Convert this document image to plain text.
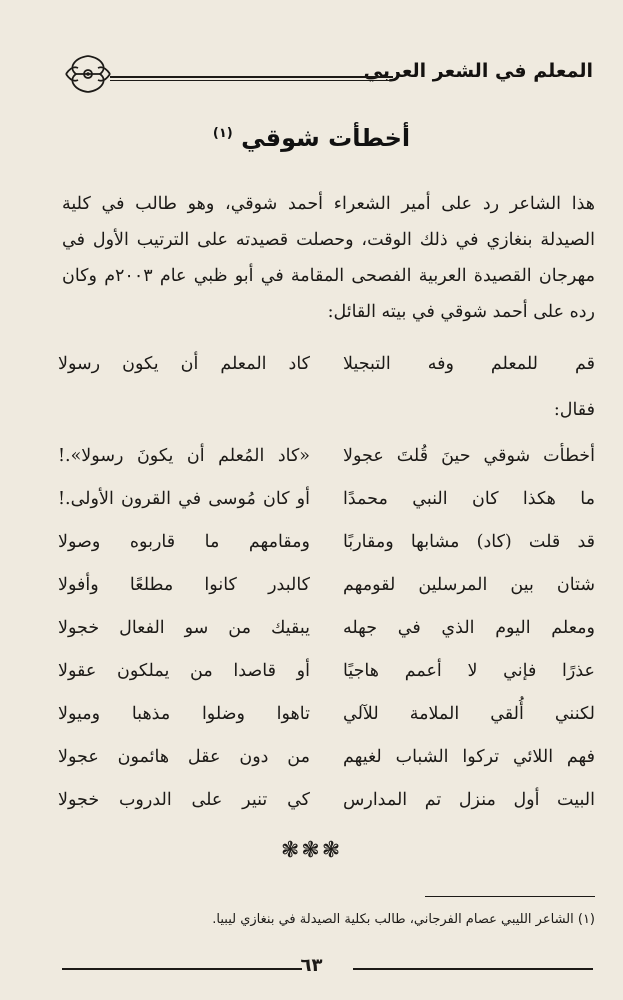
المعلم في الشعر العربي
أخطأت شوقي $^{(١)}$
هذا الشاعر رد على أمير الشعراء أحمد شوقي، وهو طالب في كلية الصيدلة بنغازي في ذلك الوقت، وحصلت قصيدته على الترتيب الأول في مهرجان القصيدة العربية الفصحى المقامة في أبو ظبي عام ٢٠٠٣م وكان رده على أحمد شوقي في بيته القائل:
قم للمعلم وفه التبجيلا
كاد المعلم أن يكون رسولا
فقال:
أخطأت شوقي حينَ قُلتَ عجولا
«كاد المُعلم أن يكونَ رسولا».!
ما هكذا كان النبي محمدًا
أو كان مُوسى في القرون الأولى.!
قد قلت (كاد) مشابها ومقاربًا
ومقامهم ما قاربوه وصولا
شتان بين المرسلين لقومهم
كالبدر كانوا مطلعًا وأفولا
ومعلم اليوم الذي في جهله
يبقيك من سو الفعال خجولا
عذرًا فإني لا أعمم هاجيًا
أو قاصدا من يملكون عقولا
لكنني أُلقي الملامة للآلي
تاهوا وضلوا مذهبا وميولا
فهم اللائي تركوا الشباب لغيهم
من دون عقل هائمون عجولا
البيت أول منزل تم المدارس
كي تنير على الدروب خجولا
❃❃❃
(١) الشاعر الليبي عصام الفرجاني، طالب بكلية الصيدلة في بنغازي ليبيا.
٦٣
